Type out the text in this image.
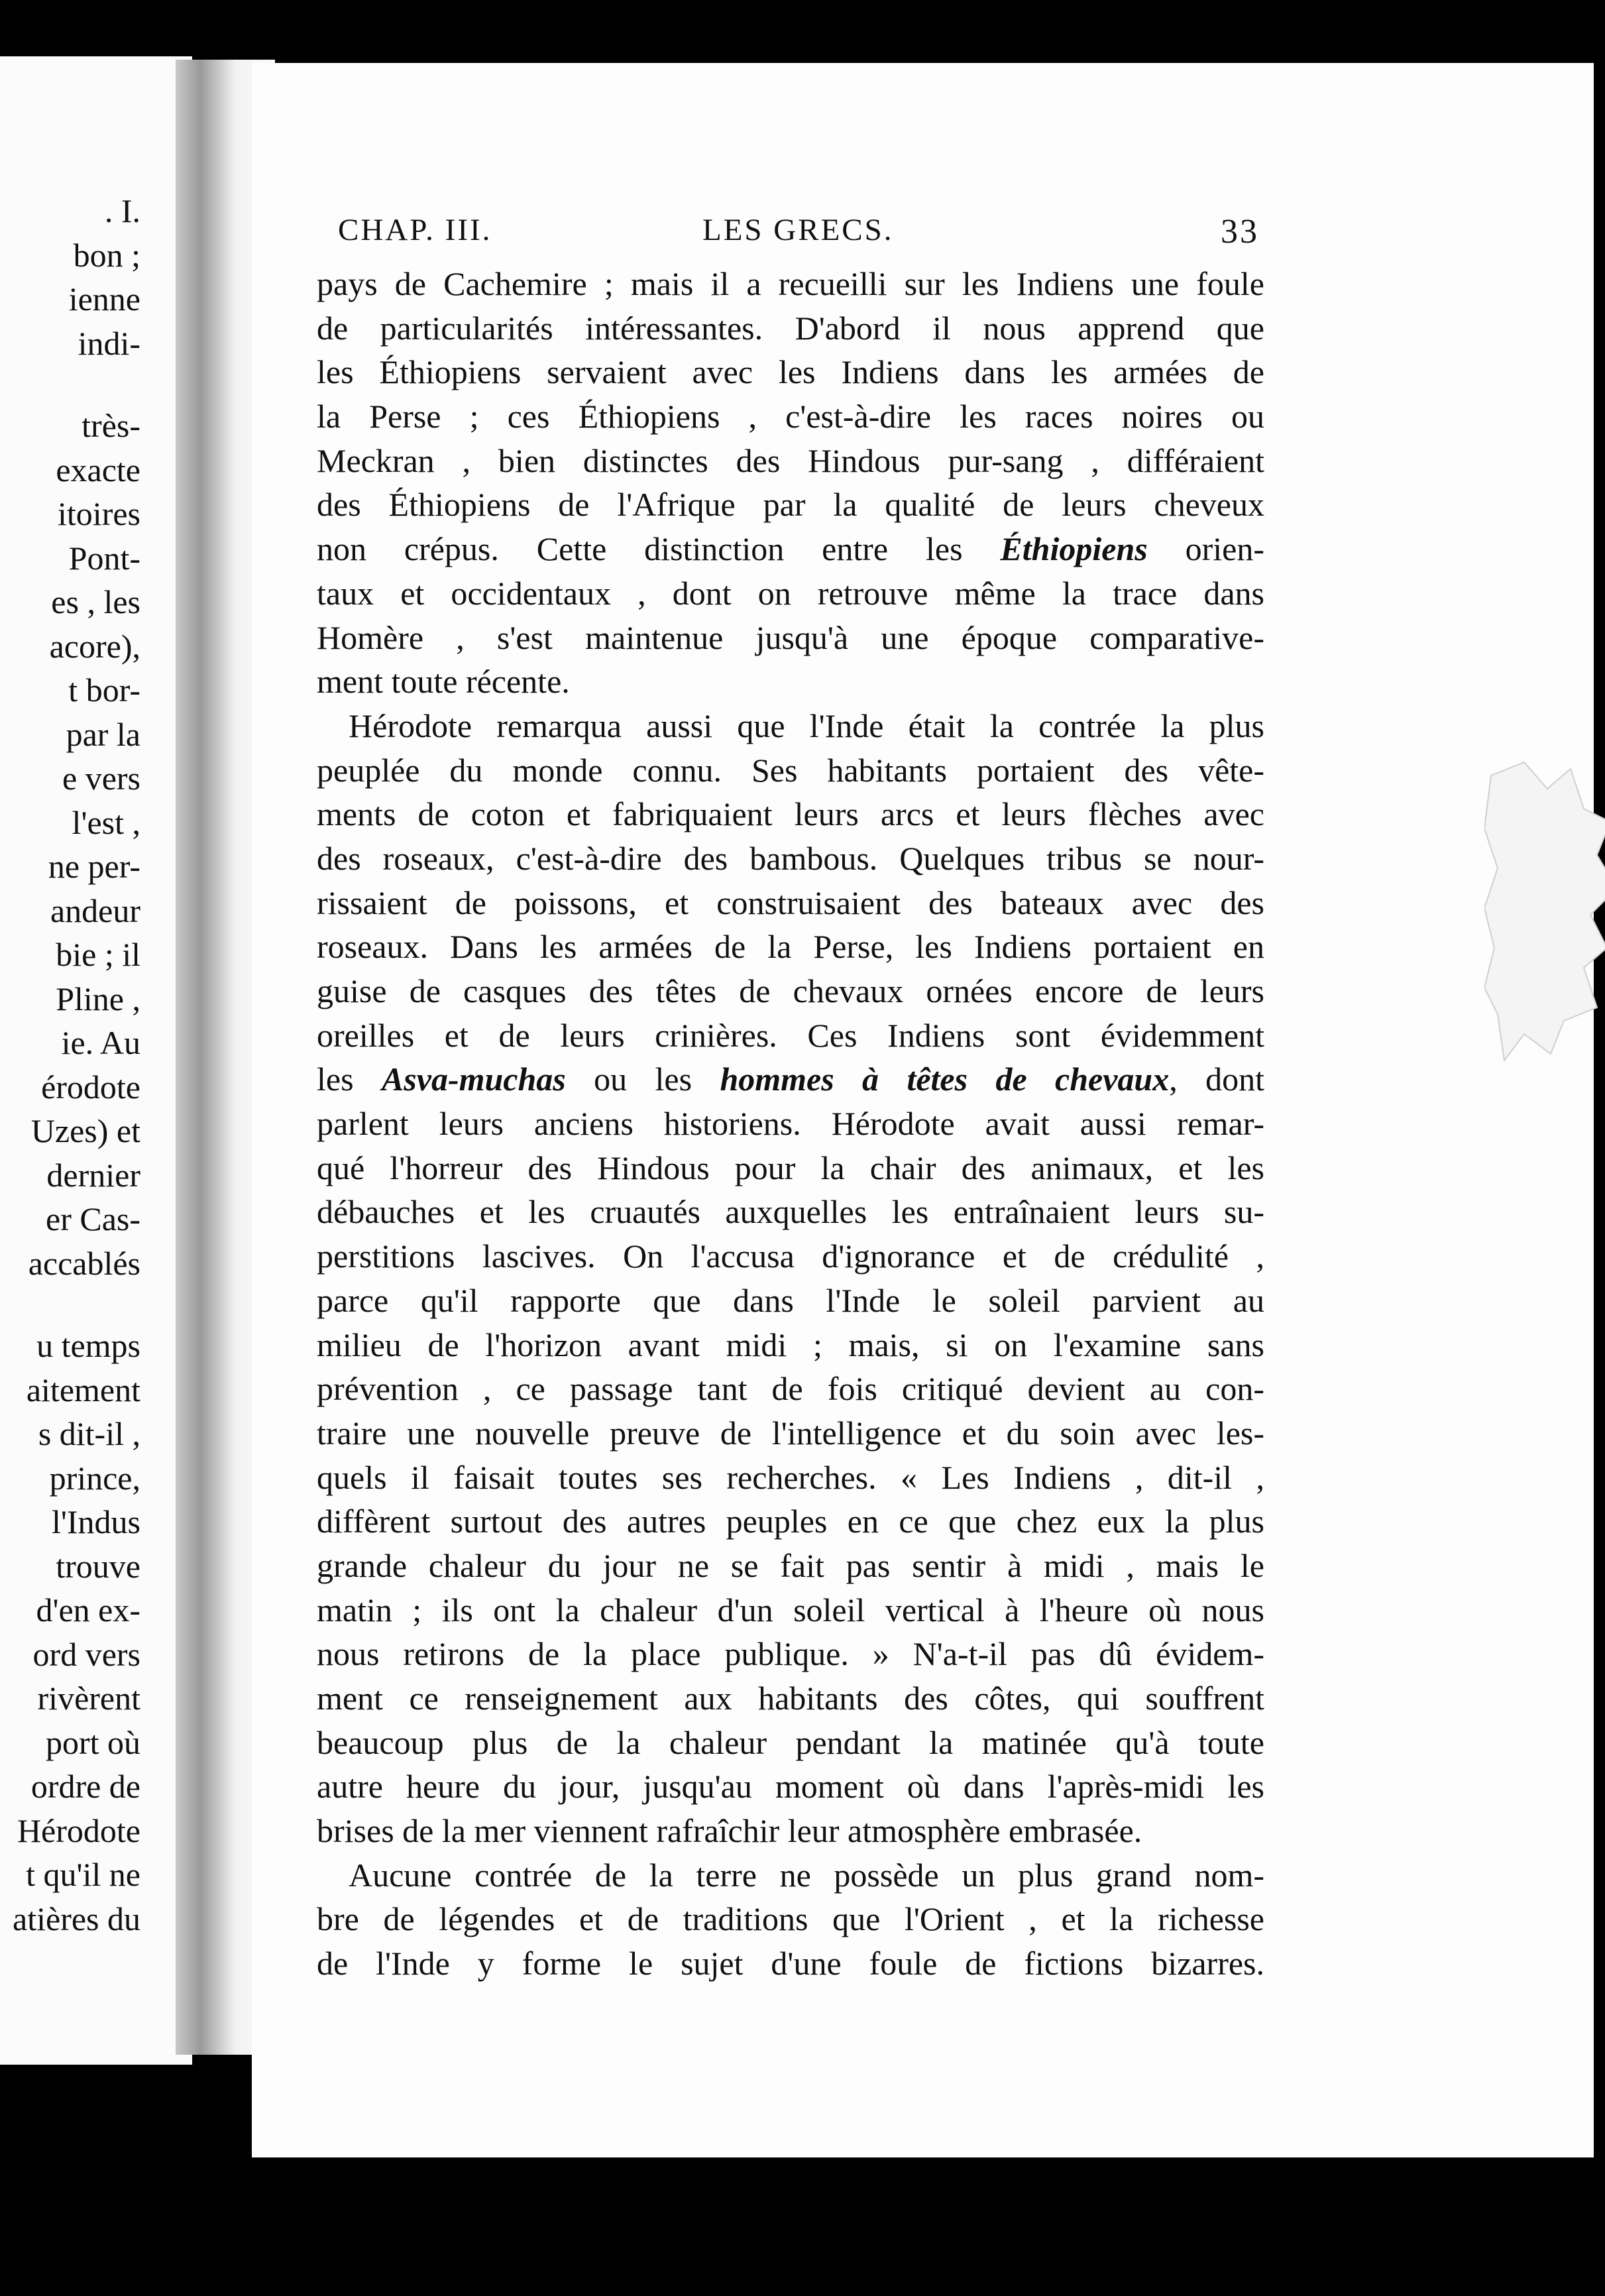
. I.
bon ;
ienne
indi-
très-
exacte
itoires
Pont-
es , les
acore),
t bor-
par la
e vers
l'est ,
ne per-
andeur
bie ; il
Pline ,
ie. Au
érodote
Uzes) et
dernier
er Cas-
accablés
u temps
aitement
s dit-il ,
prince,
l'Indus
trouve
d'en ex-
ord vers
rivèrent
port où
ordre de
Hérodote
t qu'il ne
atières du
CHAP. III.	LES GRECS.	33
pays de Cachemire ; mais il a recueilli sur les Indiens une foule
de particularités intéressantes. D'abord il nous apprend que
les Éthiopiens servaient avec les Indiens dans les armées de
la Perse ; ces Éthiopiens , c'est-à-dire les races noires ou
Meckran , bien distinctes des Hindous pur-sang , différaient
des Éthiopiens de l'Afrique par la qualité de leurs cheveux
non crépus. Cette distinction entre les Éthiopiens orien-
taux et occidentaux , dont on retrouve même la trace dans
Homère , s'est maintenue jusqu'à une époque comparative-
ment toute récente.
Hérodote remarqua aussi que l'Inde était la contrée la plus
peuplée du monde connu. Ses habitants portaient des vête-
ments de coton et fabriquaient leurs arcs et leurs flèches avec
des roseaux, c'est-à-dire des bambous. Quelques tribus se nour-
rissaient de poissons, et construisaient des bateaux avec des
roseaux. Dans les armées de la Perse, les Indiens portaient en
guise de casques des têtes de chevaux ornées encore de leurs
oreilles et de leurs crinières. Ces Indiens sont évidemment
les Asva-muchas ou les hommes à têtes de chevaux, dont
parlent leurs anciens historiens. Hérodote avait aussi remar-
qué l'horreur des Hindous pour la chair des animaux, et les
débauches et les cruautés auxquelles les entraînaient leurs su-
perstitions lascives. On l'accusa d'ignorance et de crédulité ,
parce qu'il rapporte que dans l'Inde le soleil parvient au
milieu de l'horizon avant midi ; mais, si on l'examine sans
prévention , ce passage tant de fois critiqué devient au con-
traire une nouvelle preuve de l'intelligence et du soin avec les-
quels il faisait toutes ses recherches. « Les Indiens , dit-il ,
diffèrent surtout des autres peuples en ce que chez eux la plus
grande chaleur du jour ne se fait pas sentir à midi , mais le
matin ; ils ont la chaleur d'un soleil vertical à l'heure où nous
nous retirons de la place publique. » N'a-t-il pas dû évidem-
ment ce renseignement aux habitants des côtes, qui souffrent
beaucoup plus de la chaleur pendant la matinée qu'à toute
autre heure du jour, jusqu'au moment où dans l'après-midi les
brises de la mer viennent rafraîchir leur atmosphère embrasée.
Aucune contrée de la terre ne possède un plus grand nom-
bre de légendes et de traditions que l'Orient , et la richesse
de l'Inde y forme le sujet d'une foule de fictions bizarres.
